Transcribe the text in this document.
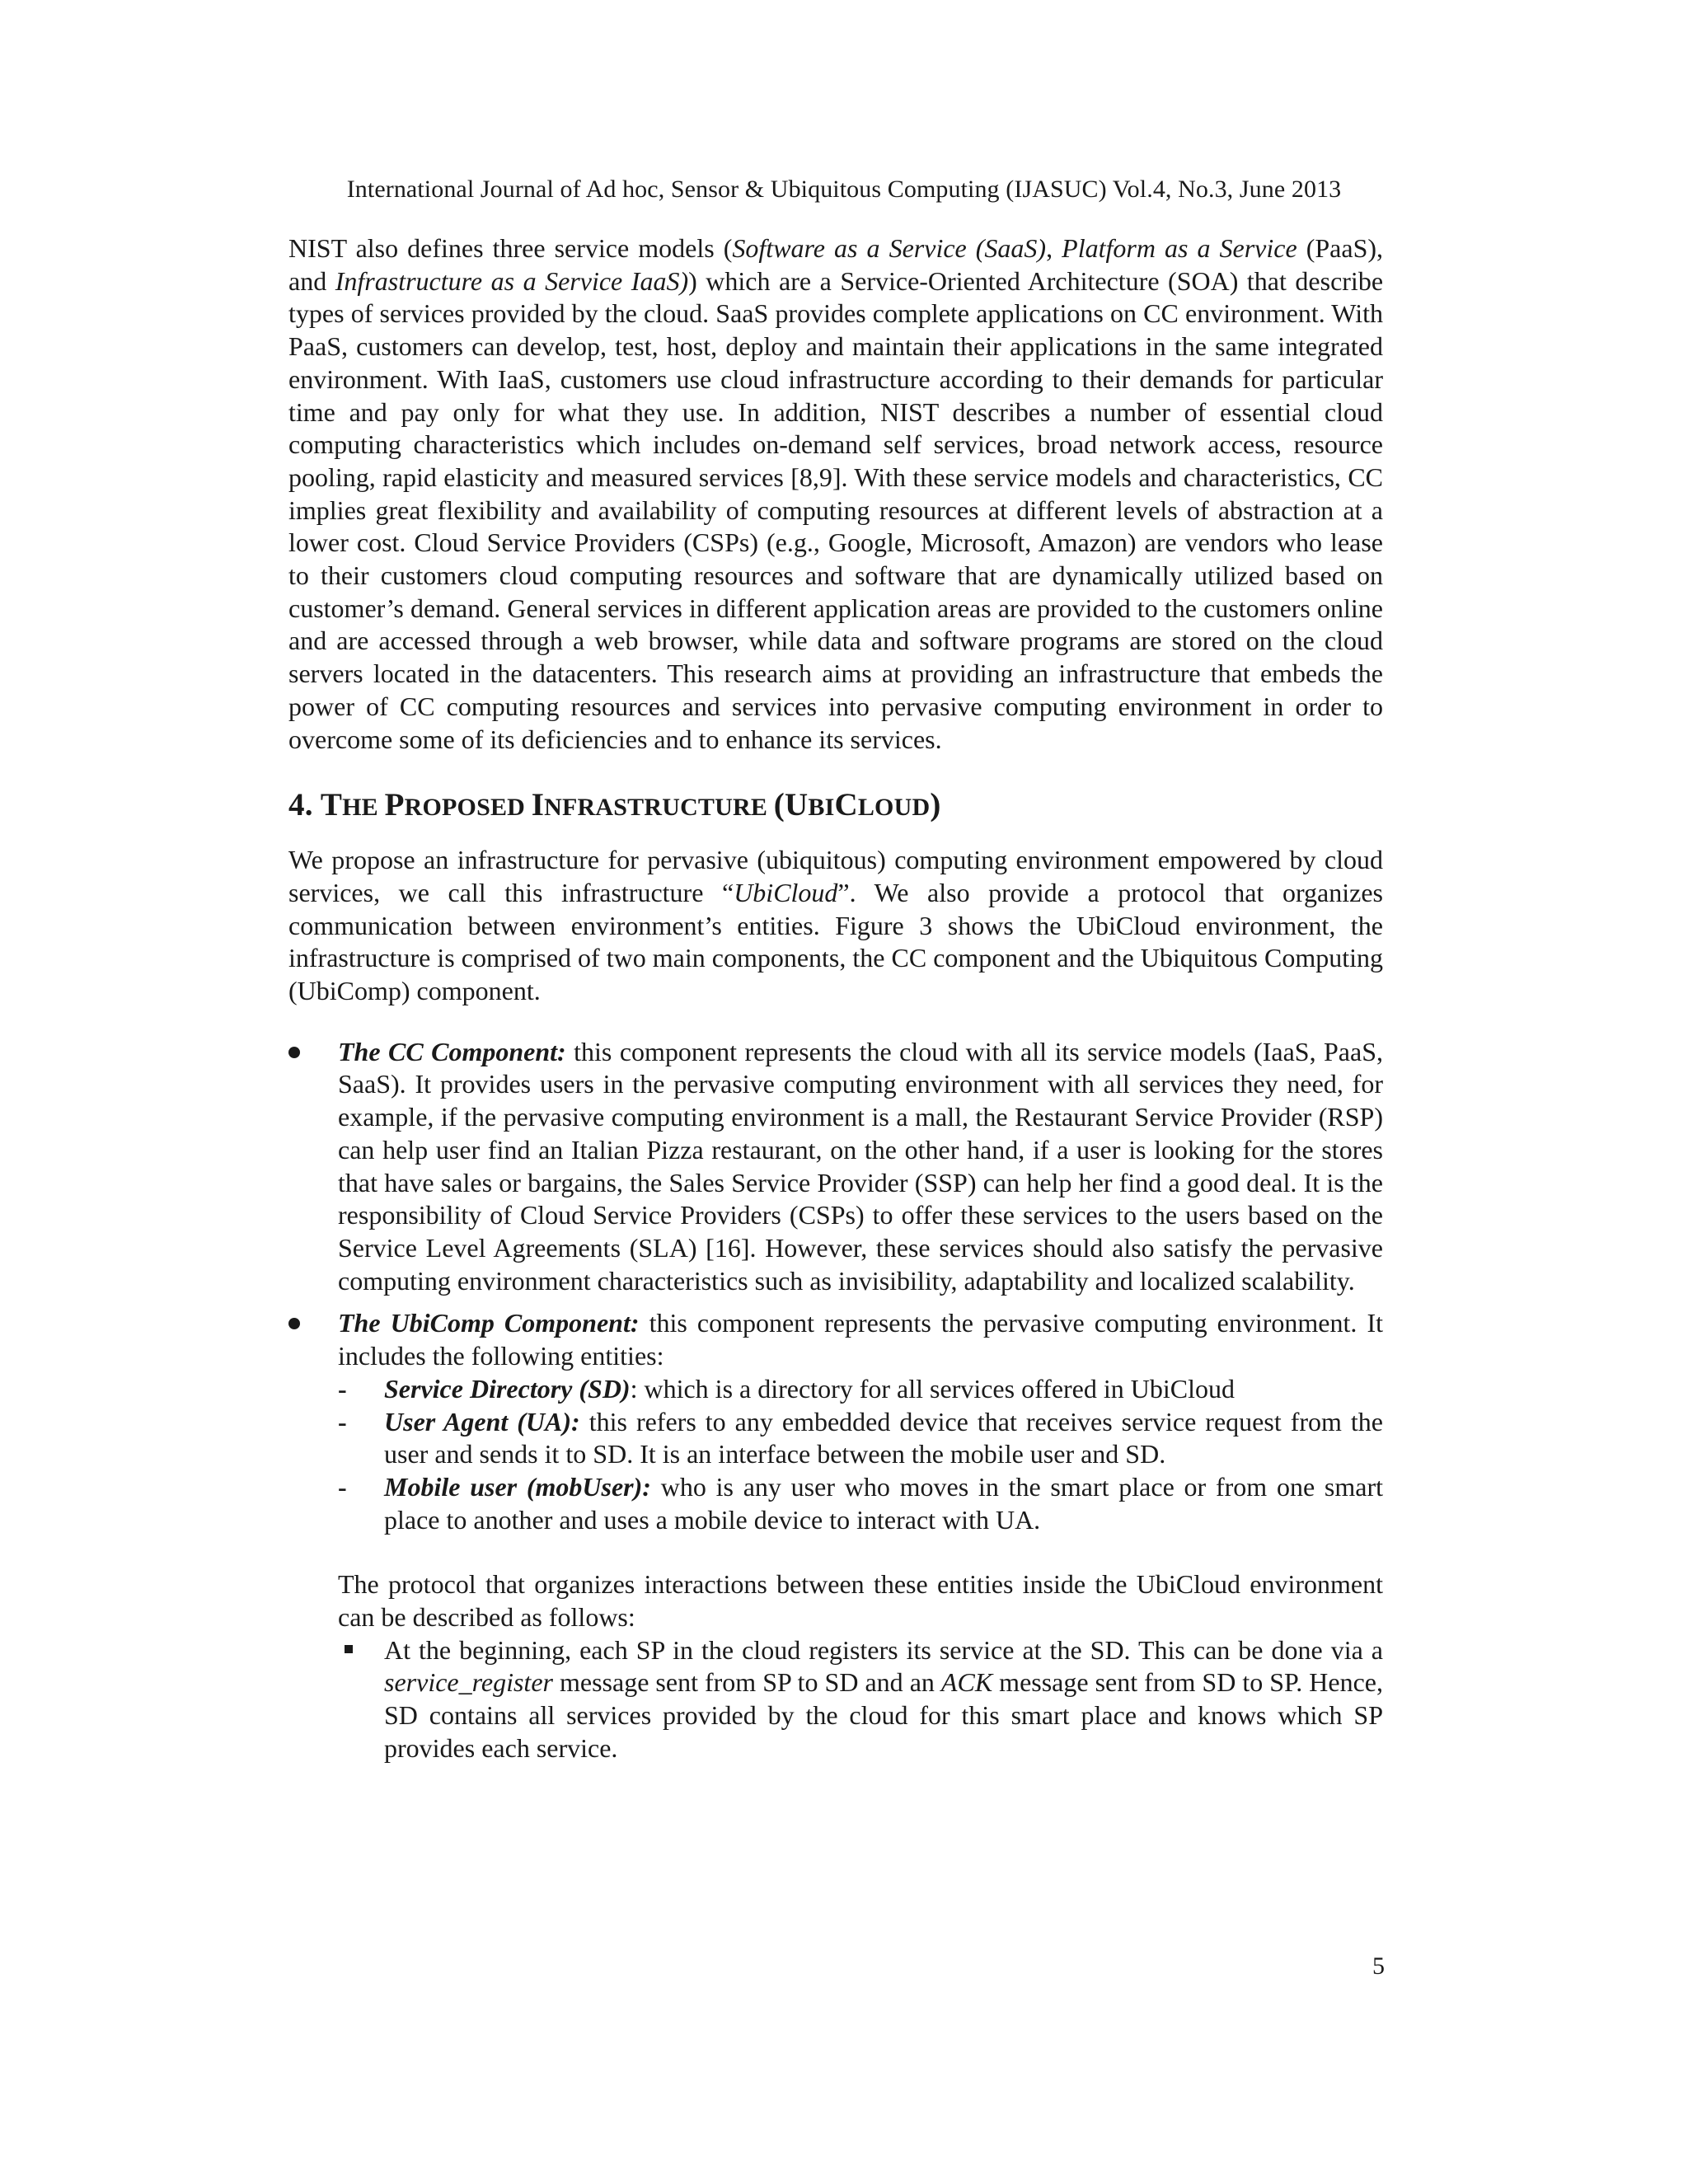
International Journal of Ad hoc, Sensor & Ubiquitous Computing (IJASUC) Vol.4, No.3, June 2013

NIST also defines three service models (Software as a Service (SaaS), Platform as a Service (PaaS), and Infrastructure as a Service IaaS)) which are a Service-Oriented Architecture (SOA) that describe types of services provided by the cloud. SaaS provides complete applications on CC environment. With PaaS, customers can develop, test, host, deploy and maintain their applications in the same integrated environment. With IaaS, customers use cloud infrastructure according to their demands for particular time and pay only for what they use. In addition, NIST describes a number of essential cloud computing characteristics which includes on-demand self services, broad network access, resource pooling, rapid elasticity and measured services [8,9]. With these service models and characteristics, CC implies great flexibility and availability of computing resources at different levels of abstraction at a lower cost. Cloud Service Providers (CSPs) (e.g., Google, Microsoft, Amazon) are vendors who lease to their customers cloud computing resources and software that are dynamically utilized based on customer’s demand. General services in different application areas are provided to the customers online and are accessed through a web browser, while data and software programs are stored on the cloud servers located in the datacenters. This research aims at providing an infrastructure that embeds the power of CC computing resources and services into pervasive computing environment in order to overcome some of its deficiencies and to enhance its services.

4. THE PROPOSED INFRASTRUCTURE (UBICLOUD)

We propose an infrastructure for pervasive (ubiquitous) computing environment empowered by cloud services, we call this infrastructure “UbiCloud”. We also provide a protocol that organizes communication between environment’s entities. Figure 3 shows the UbiCloud environment, the infrastructure is comprised of two main components, the CC component and the Ubiquitous Computing (UbiComp) component.

The CC Component: this component represents the cloud with all its service models (IaaS, PaaS, SaaS). It provides users in the pervasive computing environment with all services they need, for example, if the pervasive computing environment is a mall, the Restaurant Service Provider (RSP) can help user find an Italian Pizza restaurant, on the other hand, if a user is looking for the stores that have sales or bargains, the Sales Service Provider (SSP) can help her find a good deal. It is the responsibility of Cloud Service Providers (CSPs) to offer these services to the users based on the Service Level Agreements (SLA) [16]. However, these services should also satisfy the pervasive computing environment characteristics such as invisibility, adaptability and localized scalability.
The UbiComp Component: this component represents the pervasive computing environment. It includes the following entities:
- Service Directory (SD): which is a directory for all services offered in UbiCloud
- User Agent (UA): this refers to any embedded device that receives service request from the user and sends it to SD. It is an interface between the mobile user and SD.
- Mobile user (mobUser): who is any user who moves in the smart place or from one smart place to another and uses a mobile device to interact with UA.

The protocol that organizes interactions between these entities inside the UbiCloud environment can be described as follows:

At the beginning, each SP in the cloud registers its service at the SD. This can be done via a service_register message sent from SP to SD and an ACK message sent from SD to SP. Hence, SD contains all services provided by the cloud for this smart place and knows which SP provides each service.
5
